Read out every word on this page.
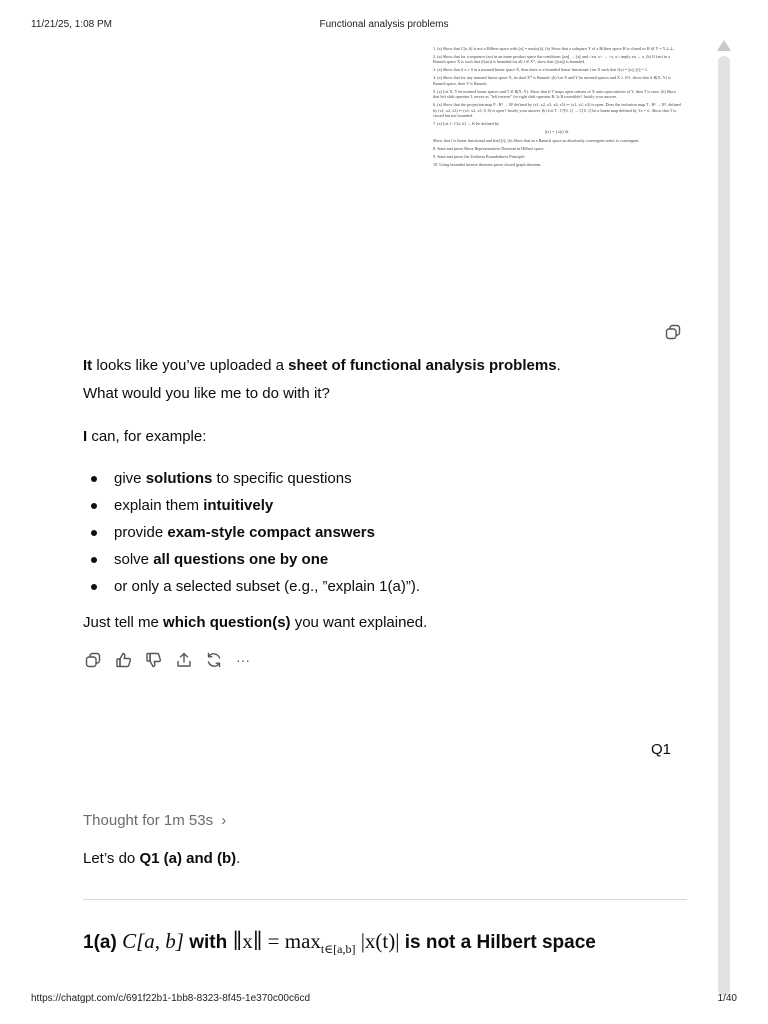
11/21/25, 1:08 PM	Functional analysis problems
1. (a) Show that C[a, b] is not a Hilbert space with ||x|| = max|x(t)|. (b) Show that a subspace Y of a Hilbert space H is closed in H iff Y = Y⊥⊥.
2. (a) Show that for a sequence (xn) in an inner product space the conditions ||xn|| → ||x|| and <xn, x> → <x, x> imply xn → x. (b) If (xn) in a Banach space X is such that (f(xn)) is bounded for all f ∈ X*, show that (||xn||) is bounded.
3. (a) Show that if x ≠ 0 in a normed linear space X, then there is a bounded linear functional f on X such that f(x) = ||x||, ||f|| = 1.
4. (a) Show that for any normed linear space X, its dual X* is Banach. (b) Let X and Y be normed spaces and X ≠ {0}, show that if B(X, Y) is Banach space, then Y is Banach.
5. (a) Let X, Y be normed linear spaces and T ∈ B(X, Y). Show that if T maps open subsets of X onto open subsets of Y, then T is onto. (b) Show that left shift operator L serves as "left inverse" for right shift operator R. Is R invertible? Justify your answer.
6. (a) Show that the projection map P : R⁵ → R³ defined by (x1, x2, x3, x4, x5) ↦ (x1, x2, x3) is open. Does the inclusion map T : R³ → R⁵, defined by (x1, x2, x3) ↦ (x1, x2, x3, 0, 0) is open? Justify your answer. (b) Let T : C¹[0, 1] → C[0, 1] be a linear map defined by Tx = x'. Show that T is closed but not bounded.
7. (a) Let f : C[a, b] → K be defined by
f(x) = ∫ x(t) dt.
Show that f is linear functional and find ||f||. (b) Show that in a Banach space an absolutely convergent series is convergent.
8. State and prove Riesz Representation Theorem in Hilbert space.
9. State and prove the Uniform Boundedness Principle.
10. Using bounded inverse theorem prove closed graph theorem.
It looks like you’ve uploaded a sheet of functional analysis problems.
What would you like me to do with it?
I can, for example:
give solutions to specific questions
explain them intuitively
provide exam-style compact answers
solve all questions one by one
or only a selected subset (e.g., ”explain 1(a)”).
Just tell me which question(s) you want explained.
···
Q1
Thought for 1m 53s ›
Let’s do Q1 (a) and (b).
1(a) C[a, b] with ∥x∥ = $\max_{t\in[a,b]} |x(t)|$ is not a Hilbert space
https://chatgpt.com/c/691f22b1-1bb8-8323-8f45-1e370c00c6cd	1/40
